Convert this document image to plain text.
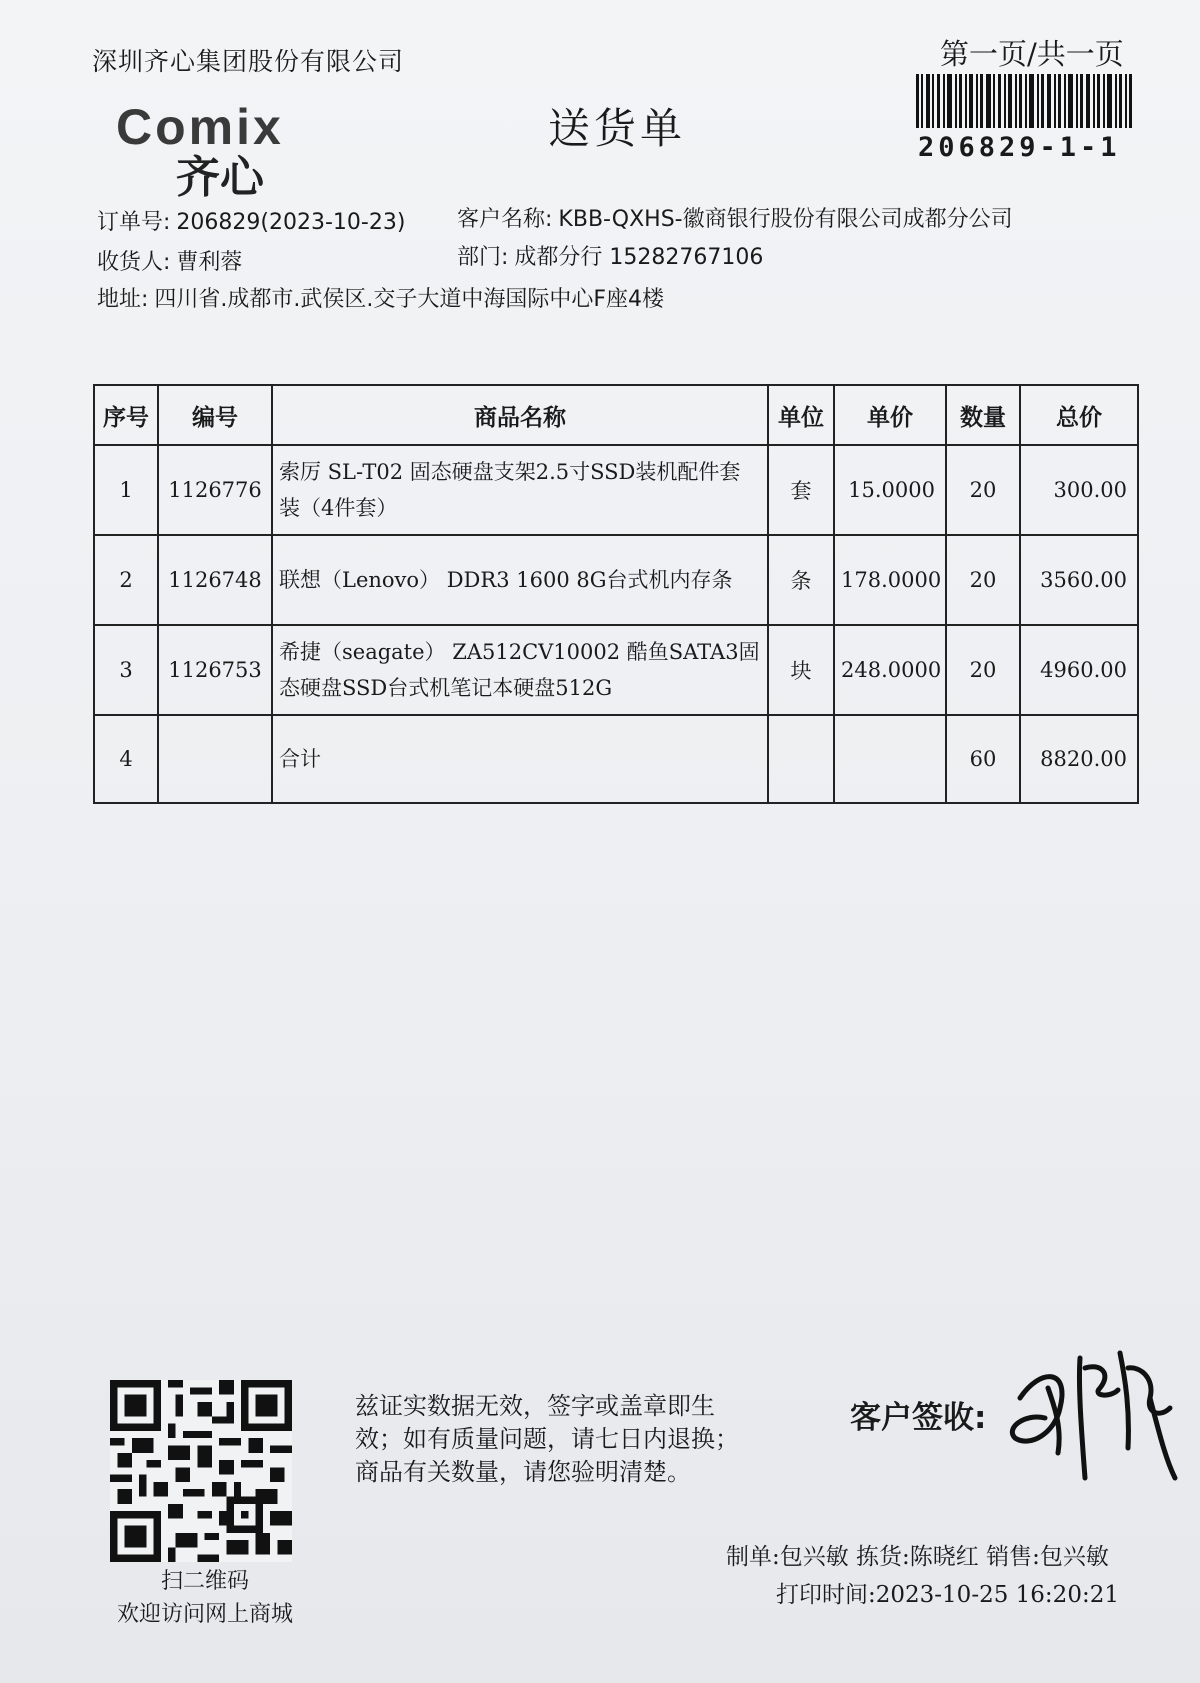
深圳齐心集团股份有限公司	第一页/共一页
206829-1-1
Comix
齐心
送货单
订单号: 206829(2023-10-23) 客户名称: KBB-QXHS-徽商银行股份有限公司成都分公司
收货人: 曹利蓉	部门: 成都分行 15282767106
地址: 四川省.成都市.武侯区.交子大道中海国际中心F座4楼
序号	编号	商品名称	单位	单价	数量	总价
1	1126776	索厉 SL-T02 固态硬盘支架2.5寸SSD装机配件套装（4件套）	套	15.0000	20	300.00
2	1126748	联想（Lenovo） DDR3 1600 8G台式机内存条	条	178.0000	20	3560.00
3	1126753	希捷（seagate） ZA512CV10002 酷鱼SATA3固态硬盘SSD台式机笔记本硬盘512G	块	248.0000	20	4960.00
4		合计			60	8820.00
扫二维码
欢迎访问网上商城
兹证实数据无效，签字或盖章即生
效；如有质量问题，请七日内退换；
商品有关数量，请您验明清楚。
客户签收:
制单:包兴敏 拣货:陈晓红 销售:包兴敏
打印时间:2023-10-25 16:20:21
